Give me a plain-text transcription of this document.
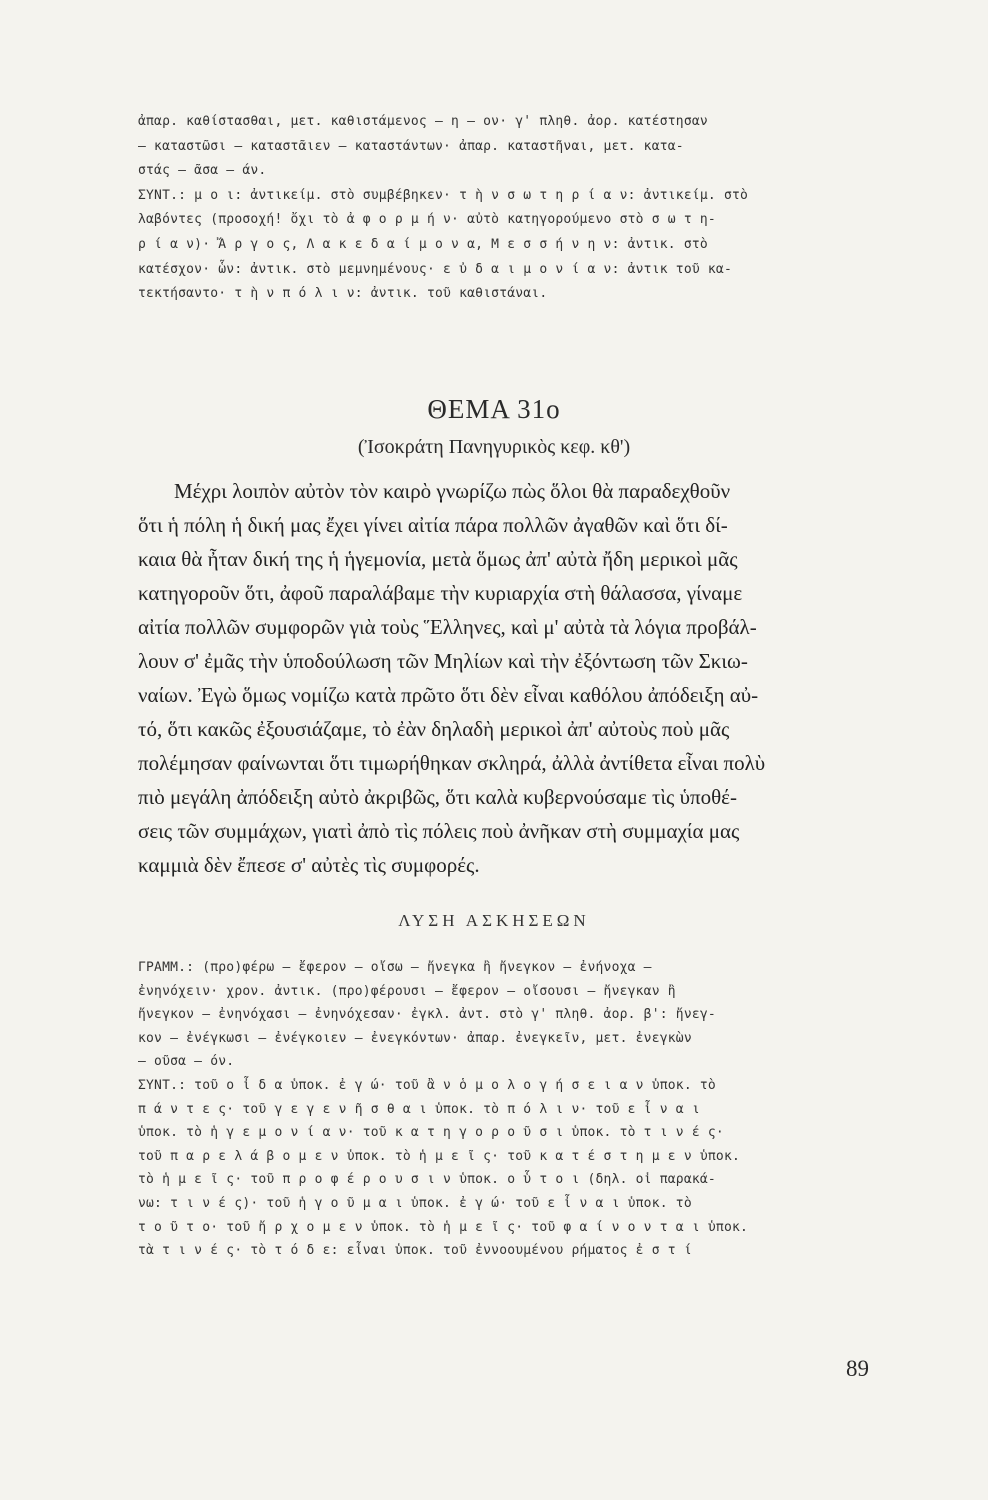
ἀπαρ. καθίστασθαι, μετ. καθιστάμενος — η — ον· γ' πληθ. ἀορ. κατέστησαν
— καταστῶσι — καταστᾶιεν — καταστάντων· ἀπαρ. καταστῆναι, μετ. κατα-
στάς — ᾶσα — άν.
ΣΥΝΤ.: μ ο ι: ἀντικείμ. στὸ συμβέβηκεν· τ ὴ ν σ ω τ η ρ ί α ν: ἀντικείμ. στὸ
λαβόντες (προσοχή! ὄχι τὸ ἀ φ ο ρ μ ή ν· αὐτὸ κατηγορούμενο στὸ σ ω τ η-
ρ ί α ν)· Ἄ ρ γ ο ς, Λ α κ ε δ α ί μ ο ν α, Μ ε σ σ ή ν η ν: ἀντικ. στὸ
κατέσχον· ὧν: ἀντικ. στὸ μεμνημένους· ε ὐ δ α ι μ ο ν ί α ν: ἀντικ τοῦ κα-
τεκτήσαντο· τ ὴ ν π ό λ ι ν: ἀντικ. τοῦ καθιστάναι.
ΘΕΜΑ 31ο
(Ἰσοκράτη Πανηγυρικὸς κεφ. κθ')
Μέχρι λοιπὸν αὐτὸν τὸν καιρὸ γνωρίζω πὼς ὅλοι θὰ παραδεχθοῦν
ὅτι ἡ πόλη ἡ δική μας ἔχει γίνει αἰτία πάρα πολλῶν ἀγαθῶν καὶ ὅτι δί-
καια θὰ ἦταν δική της ἡ ἡγεμονία, μετὰ ὅμως ἀπ' αὐτὰ ἤδη μερικοὶ μᾶς
κατηγοροῦν ὅτι, ἀφοῦ παραλάβαμε τὴν κυριαρχία στὴ θάλασσα, γίναμε
αἰτία πολλῶν συμφορῶν γιὰ τοὺς Ἕλληνες, καὶ μ' αὐτὰ τὰ λόγια προβάλ-
λουν σ' ἐμᾶς τὴν ὑποδούλωση τῶν Μηλίων καὶ τὴν ἐξόντωση τῶν Σκιω-
ναίων. Ἐγὼ ὅμως νομίζω κατὰ πρῶτο ὅτι δὲν εἶναι καθόλου ἀπόδειξη αὐ-
τό, ὅτι κακῶς ἐξουσιάζαμε, τὸ ἐὰν δηλαδὴ μερικοὶ ἀπ' αὐτοὺς ποὺ μᾶς
πολέμησαν φαίνωνται ὅτι τιμωρήθηκαν σκληρά, ἀλλὰ ἀντίθετα εἶναι πολὺ
πιὸ μεγάλη ἀπόδειξη αὐτὸ ἀκριβῶς, ὅτι καλὰ κυβερνούσαμε τὶς ὑποθέ-
σεις τῶν συμμάχων, γιατὶ ἀπὸ τὶς πόλεις ποὺ ἀνῆκαν στὴ συμμαχία μας
καμμιὰ δὲν ἔπεσε σ' αὐτὲς τὶς συμφορές.
ΛΥΣΗ ΑΣΚΗΣΕΩΝ
ΓΡΑΜΜ.: (προ)φέρω — ἔφερον — οἴσω — ἤνεγκα ἢ ἤνεγκον — ἐνήνοχα —
ἐνηνόχειν· χρον. ἀντικ. (προ)φέρουσι — ἔφερον — οἴσουσι — ἤνεγκαν ἢ
ἤνεγκον — ἐνηνόχασι — ἐνηνόχεσαν· ἐγκλ. ἀντ. στὸ γ' πληθ. ἀορ. β': ἤνεγ-
κον — ἐνέγκωσι — ἐνέγκοιεν — ἐνεγκόντων· ἀπαρ. ἐνεγκεῖν, μετ. ἐνεγκὼν
— οῦσα — όν.
ΣΥΝΤ.: τοῦ ο ἶ δ α ὑποκ. ἐ γ ώ· τοῦ ἂ ν ὁ μ ο λ ο γ ή σ ε ι α ν ὑποκ. τὸ
π ά ν τ ε ς· τοῦ γ ε γ ε ν ῆ σ θ α ι ὑποκ. τὸ π ό λ ι ν· τοῦ ε ἶ ν α ι
ὑποκ. τὸ ἡ γ ε μ ο ν ί α ν· τοῦ κ α τ η γ ο ρ ο ῦ σ ι ὑποκ. τὸ τ ι ν έ ς·
τοῦ π α ρ ε λ ά β ο μ ε ν ὑποκ. τὸ ἡ μ ε ῖ ς· τοῦ κ α τ έ σ τ η μ ε ν ὑποκ.
τὸ ἡ μ ε ῖ ς· τοῦ π ρ ο φ έ ρ ο υ σ ι ν ὑποκ. ο ὗ τ ο ι (δηλ. οἱ παρακά-
νω: τ ι ν έ ς)· τοῦ ἡ γ ο ῦ μ α ι ὑποκ. ἐ γ ώ· τοῦ ε ἶ ν α ι ὑποκ. τὸ
τ ο ῦ τ ο· τοῦ ἤ ρ χ ο μ ε ν ὑποκ. τὸ ἡ μ ε ῖ ς· τοῦ φ α ί ν ο ν τ α ι ὑποκ.
τὰ τ ι ν έ ς· τὸ τ ό δ ε: εἶναι ὑποκ. τοῦ ἐννοουμένου ρήματος ἐ σ τ ί
89
